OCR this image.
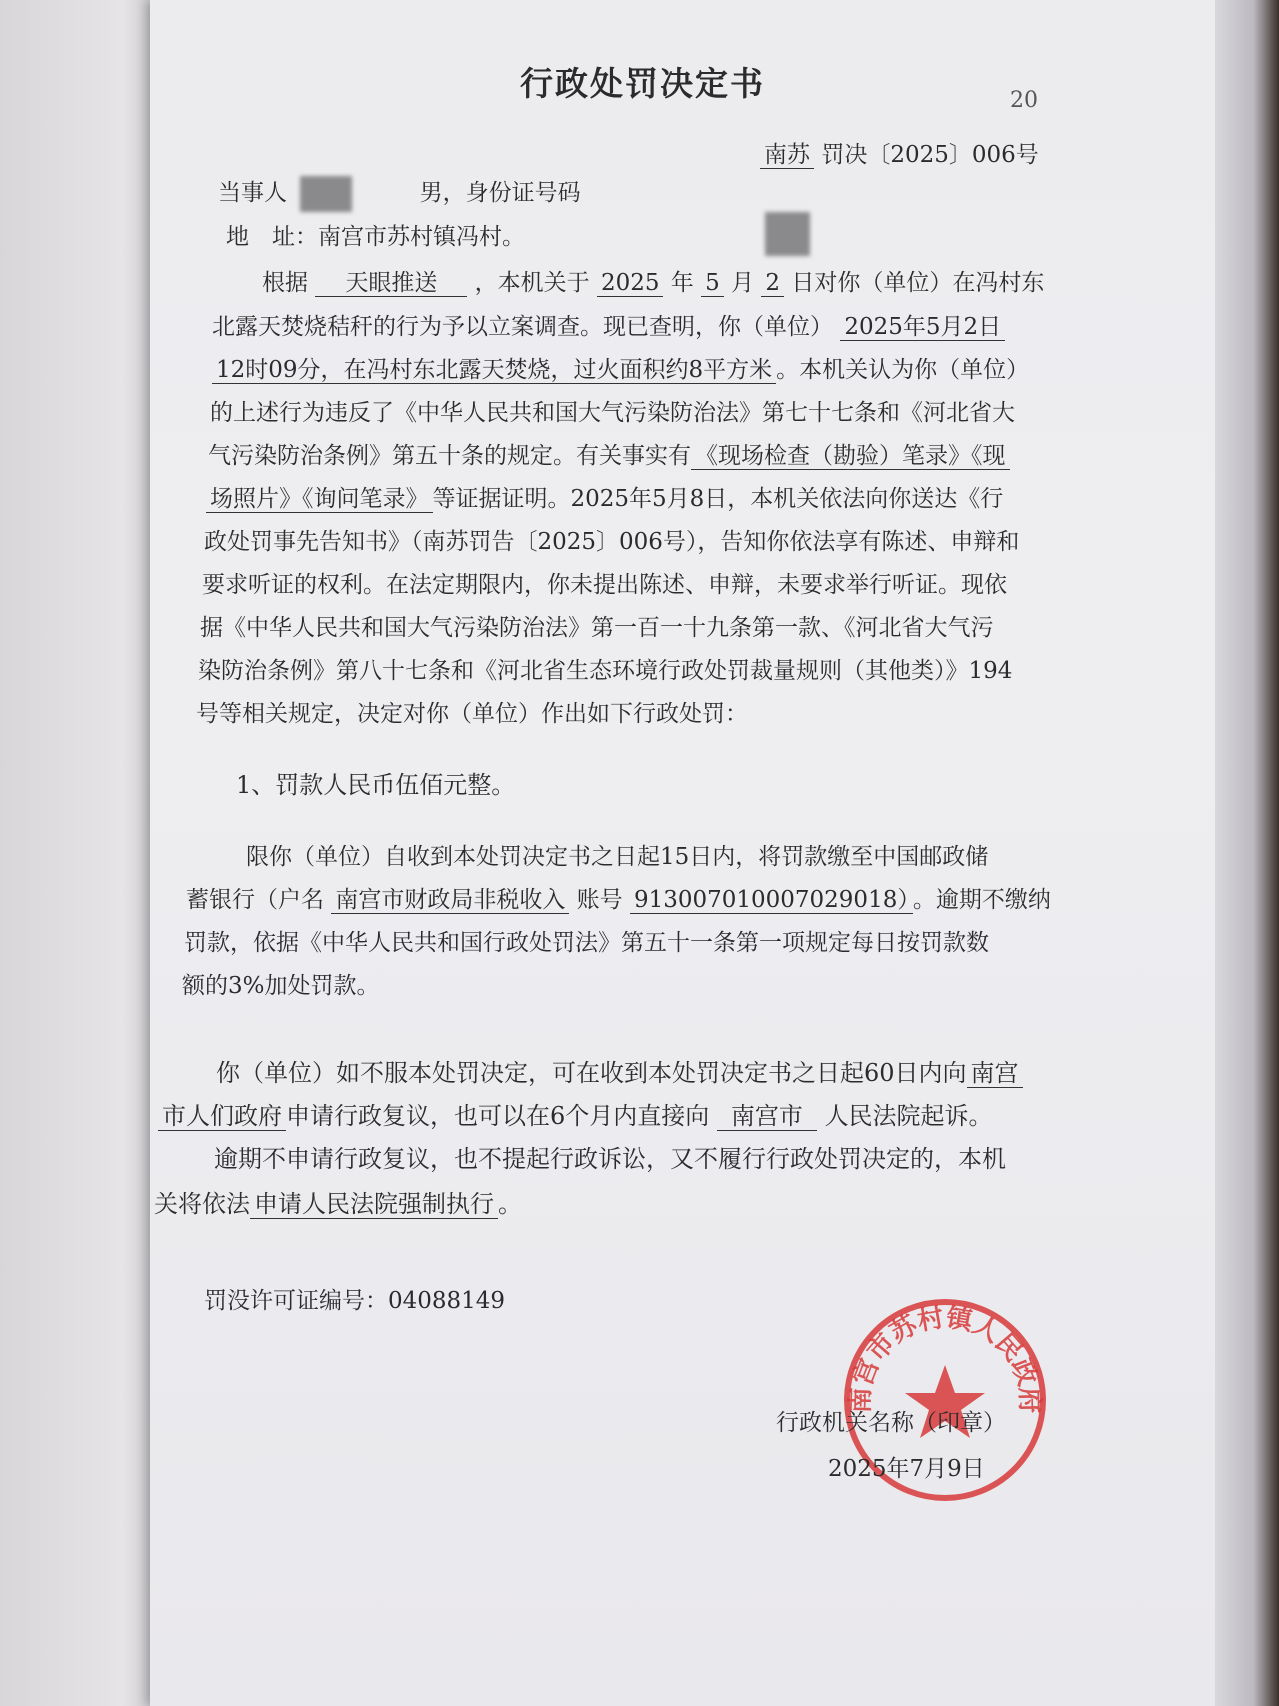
行政处罚决定书	20
南苏 罚决〔2025〕006号
当事人	男，身份证号码
地　址：南宫市苏村镇冯村。
根据 天眼推送 ，本机关于 2025 年 5 月 2 日对你（单位）在冯村东
北露天焚烧秸秆的行为予以立案调查。现已查明，你（单位） 2025年5月2日
12时09分，在冯村东北露天焚烧，过火面积约8平方米 。本机关认为你（单位）
的上述行为违反了《中华人民共和国大气污染防治法》第七十七条和《河北省大
气污染防治条例》第五十条的规定。有关事实有 《现场检查（勘验）笔录》《现
场照片》《询问笔录》 等证据证明。2025年5月8日，本机关依法向你送达《行
政处罚事先告知书》（南苏罚告〔2025〕006号），告知你依法享有陈述、申辩和
要求听证的权利。在法定期限内，你未提出陈述、申辩，未要求举行听证。现依
据《中华人民共和国大气污染防治法》第一百一十九条第一款、《河北省大气污
染防治条例》第八十七条和《河北省生态环境行政处罚裁量规则（其他类）》194
号等相关规定，决定对你（单位）作出如下行政处罚：
1、罚款人民币伍佰元整。
限你（单位）自收到本处罚决定书之日起15日内，将罚款缴至中国邮政储
蓄银行（户名 南宫市财政局非税收入 账号 913007010007029018） 。逾期不缴纳
罚款，依据《中华人民共和国行政处罚法》第五十一条第一项规定每日按罚款数
额的3%加处罚款。
你（单位）如不服本处罚决定，可在收到本处罚决定书之日起60日内向 南宫
市人们政府 申请行政复议，也可以在6个月内直接向 南宫市 人民法院起诉。
逾期不申请行政复议，也不提起行政诉讼，又不履行行政处罚决定的，本机
关将依法 申请人民法院强制执行 。
罚没许可证编号：04088149
南宫市苏村镇人民政府
行政机关名称（印章）
2025年7月9日
